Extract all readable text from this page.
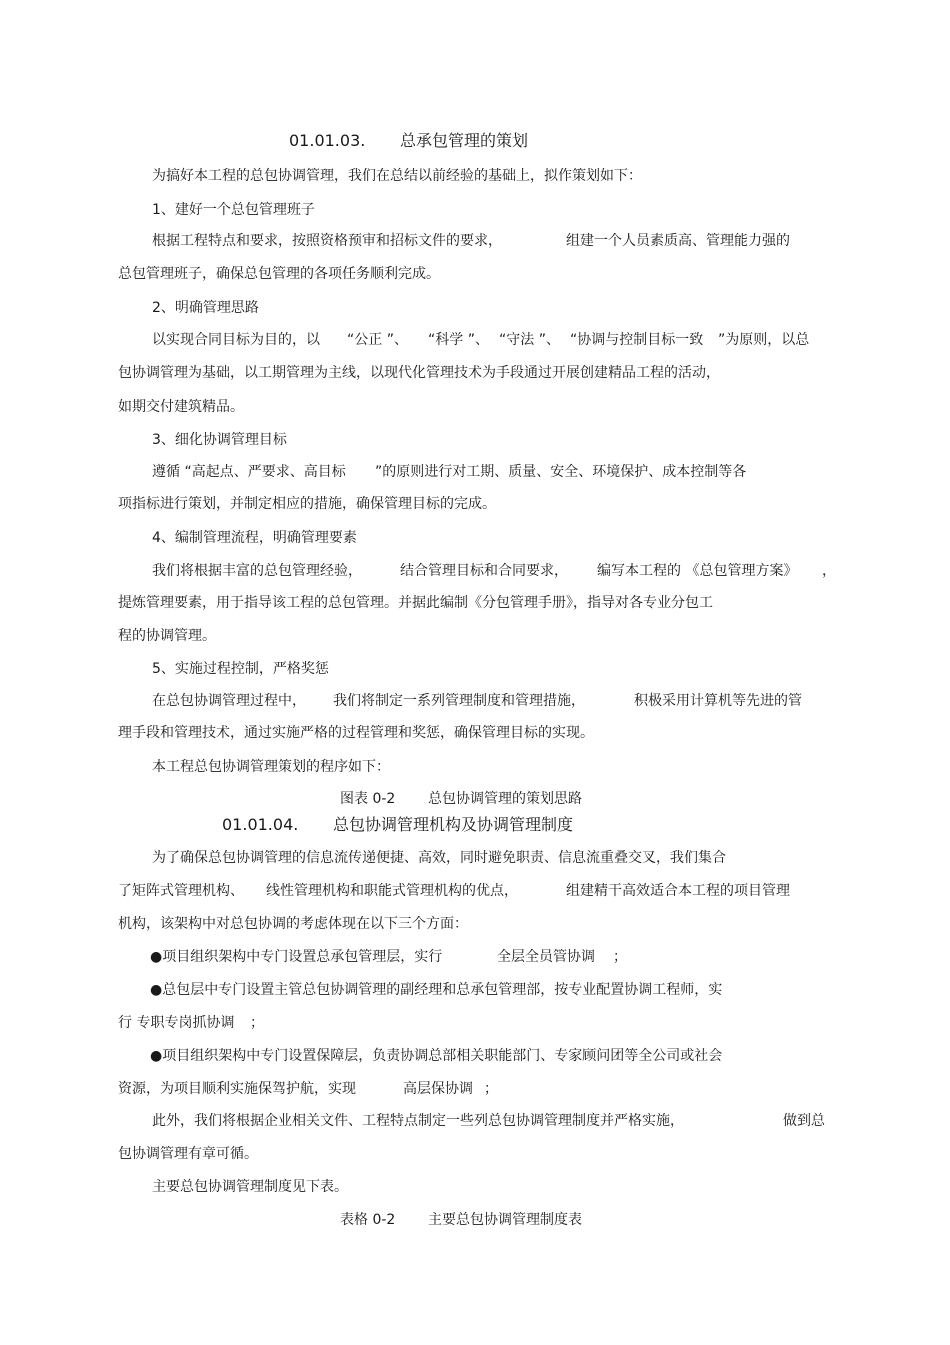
01.01.03. 总承包管理的策划
为搞好本工程的总包协调管理，我们在总结以前经验的基础上，拟作策划如下：
1、建好一个总包管理班子
根据工程特点和要求，按照资格预审和招标文件的要求，	组建一个人员素质高、管理能力强的
总包管理班子，确保总包管理的各项任务顺利完成。
2、明确管理思路
以实现合同目标为目的，以 “公正 ”、 “科学 ”、 “守法 ”、 “协调与控制目标一致 ”为原则，以总
包协调管理为基础，以工期管理为主线，以现代化管理技术为手段通过开展创建精品工程的活动，
如期交付建筑精品。
3、细化协调管理目标
遵循 “高起点、严要求、高目标 ”的原则进行对工期、质量、安全、环境保护、成本控制等各
项指标进行策划，并制定相应的措施，确保管理目标的完成。
4、编制管理流程，明确管理要素
我们将根据丰富的总包管理经验，	结合管理目标和合同要求， 编写本工程的 《总包管理方案》 ，
提炼管理要素，用于指导该工程的总包管理。并据此编制《分包管理手册》，指导对各专业分包工
程的协调管理。
5、实施过程控制，严格奖惩
在总包协调管理过程中， 我们将制定一系列管理制度和管理措施，	积极采用计算机等先进的管
理手段和管理技术，通过实施严格的过程管理和奖惩，确保管理目标的实现。
本工程总包协调管理策划的程序如下：
图表 0-2 总包协调管理的策划思路
01.01.04. 总包协调管理机构及协调管理制度
为了确保总包协调管理的信息流传递便捷、高效，同时避免职责、信息流重叠交叉，我们集合
了矩阵式管理机构、 线性管理机构和职能式管理机构的优点，	组建精干高效适合本工程的项目管理
机构，该架构中对总包协调的考虑体现在以下三个方面：
●项目组织架构中专门设置总承包管理层，实行	全层全员管协调 ；
●总包层中专门设置主管总包协调管理的副经理和总承包管理部，按专业配置协调工程师，实
行 专职专岗抓协调 ；
●项目组织架构中专门设置保障层，负责协调总部相关职能部门、专家顾问团等全公司或社会
资源，为项目顺利实施保驾护航，实现	高层保协调 ；
此外，我们将根据企业相关文件、工程特点制定一些列总包协调管理制度并严格实施，	做到总
包协调管理有章可循。
主要总包协调管理制度见下表。
表格 0-2 主要总包协调管理制度表
